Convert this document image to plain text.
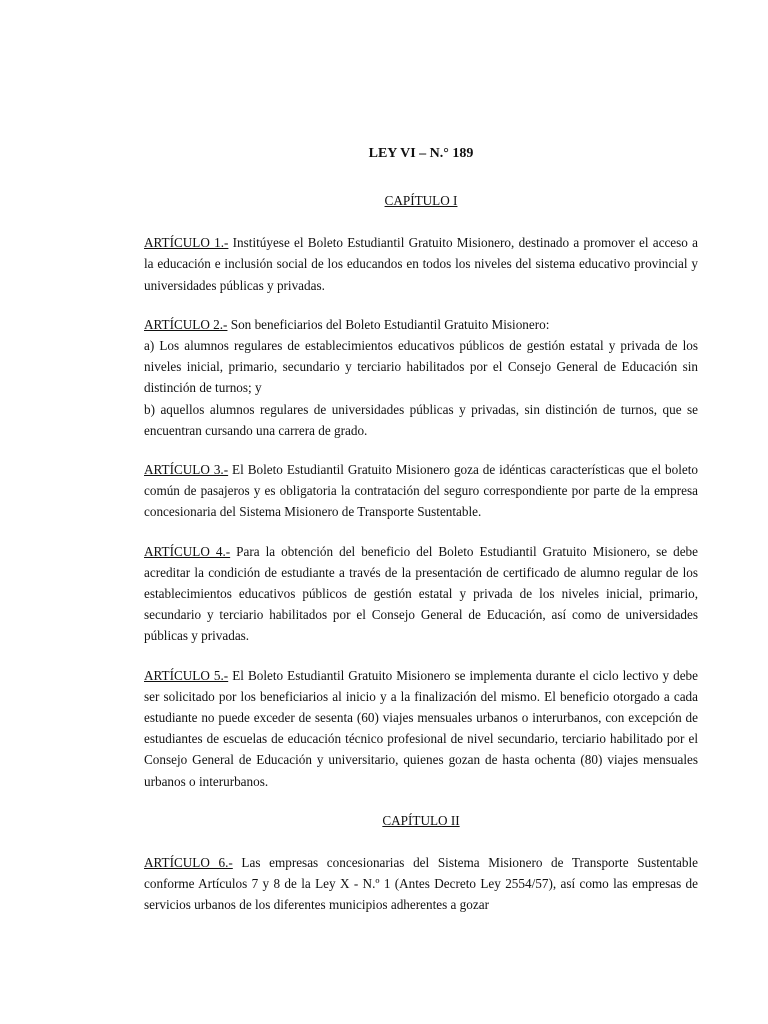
LEY VI – N.° 189
CAPÍTULO I

ARTÍCULO 1.- Institúyese el Boleto Estudiantil Gratuito Misionero, destinado a promover el acceso a la educación e inclusión social de los educandos en todos los niveles del sistema educativo provincial y universidades públicas y privadas.

ARTÍCULO 2.- Son beneficiarios del Boleto Estudiantil Gratuito Misionero:

a) Los alumnos regulares de establecimientos educativos públicos de gestión estatal y privada de los niveles inicial, primario, secundario y terciario habilitados por el Consejo General de Educación sin distinción de turnos; y

b) aquellos alumnos regulares de universidades públicas y privadas, sin distinción de turnos, que se encuentran cursando una carrera de grado.

ARTÍCULO 3.- El Boleto Estudiantil Gratuito Misionero goza de idénticas características que el boleto común de pasajeros y es obligatoria la contratación del seguro correspondiente por parte de la empresa concesionaria del Sistema Misionero de Transporte Sustentable.

ARTÍCULO 4.- Para la obtención del beneficio del Boleto Estudiantil Gratuito Misionero, se debe acreditar la condición de estudiante a través de la presentación de certificado de alumno regular de los establecimientos educativos públicos de gestión estatal y privada de los niveles inicial, primario, secundario y terciario habilitados por el Consejo General de Educación, así como de universidades públicas y privadas.

ARTÍCULO 5.- El Boleto Estudiantil Gratuito Misionero se implementa durante el ciclo lectivo y debe ser solicitado por los beneficiarios al inicio y a la finalización del mismo. El beneficio otorgado a cada estudiante no puede exceder de sesenta (60) viajes mensuales urbanos o interurbanos, con excepción de estudiantes de escuelas de educación técnico profesional de nivel secundario, terciario habilitado por el Consejo General de Educación y universitario, quienes gozan de hasta ochenta (80) viajes mensuales urbanos o interurbanos.

CAPÍTULO II

ARTÍCULO 6.- Las empresas concesionarias del Sistema Misionero de Transporte Sustentable conforme Artículos 7 y 8 de la Ley X - N.º 1 (Antes Decreto Ley 2554/57), así como las empresas de servicios urbanos de los diferentes municipios adherentes a gozar
